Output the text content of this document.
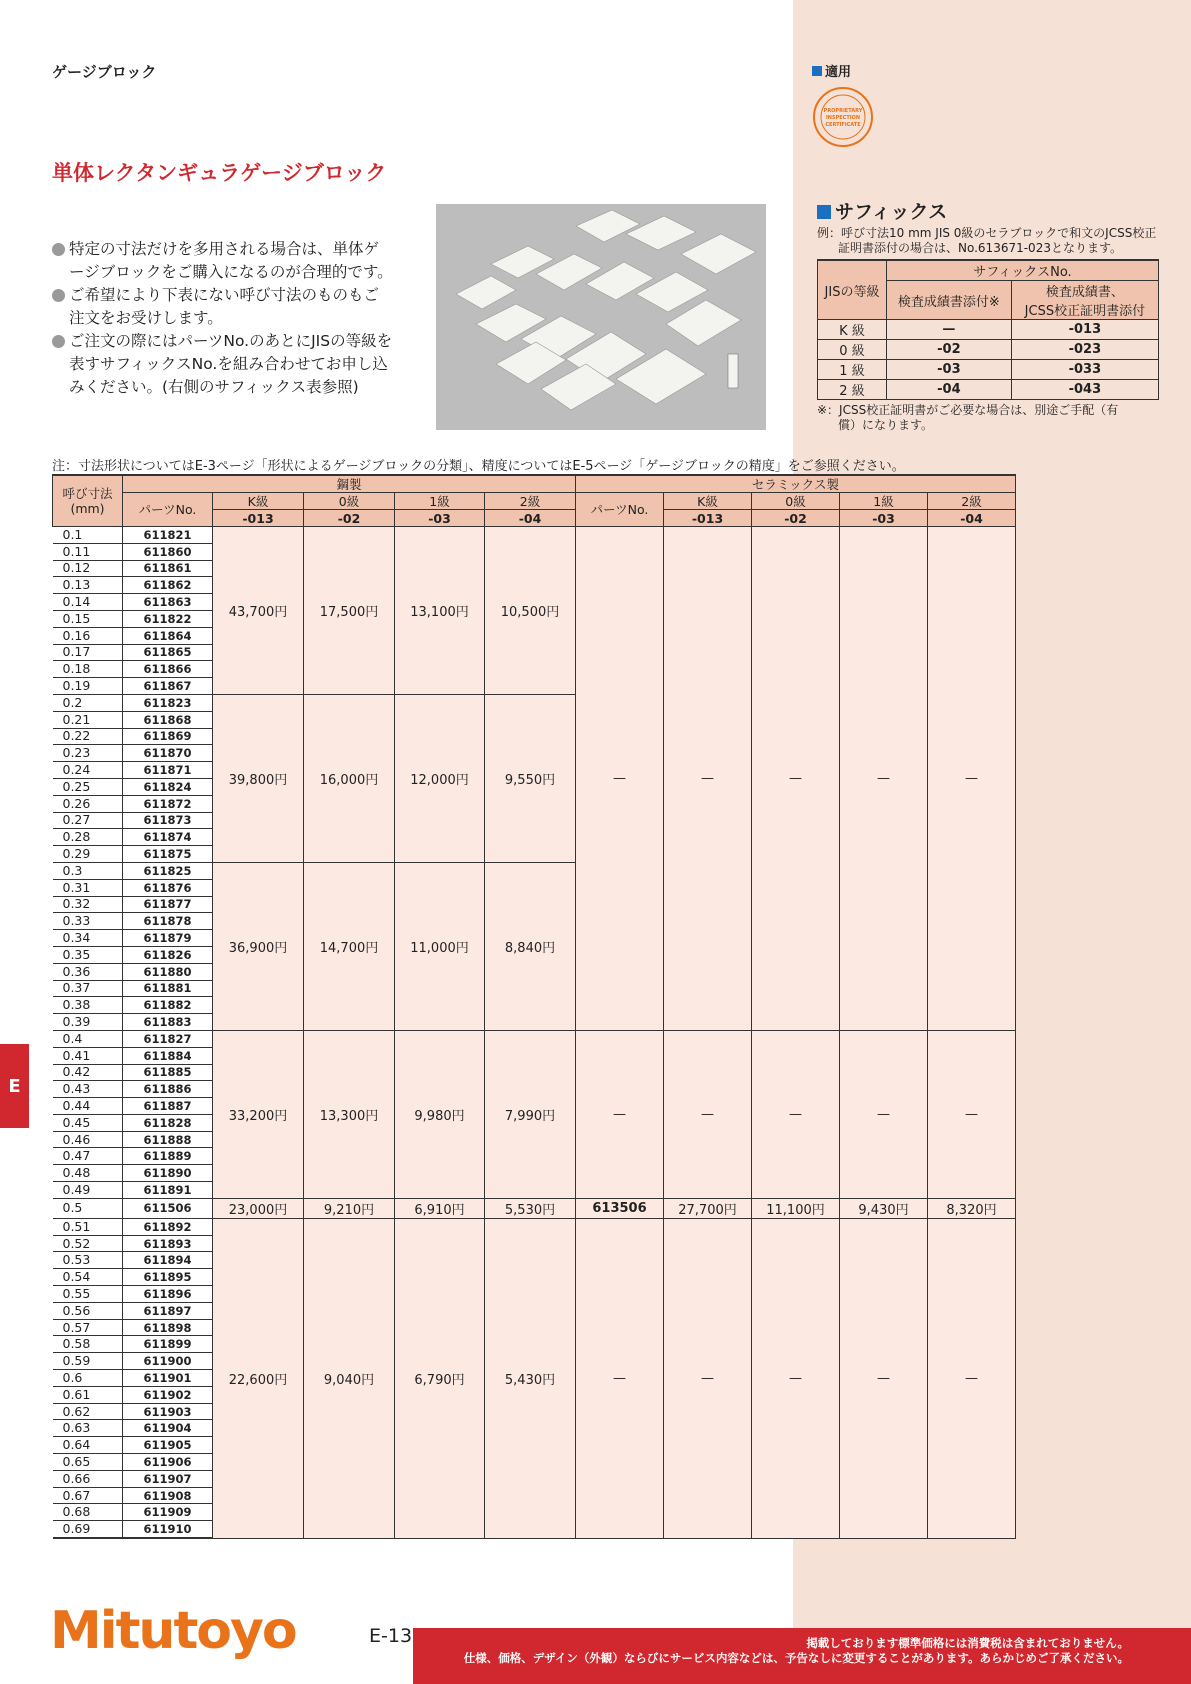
ゲージブロック	適用
PROPRIETARY
INSPECTION
CERTIFICATE
単体レクタンギュラゲージブロック
特定の寸法だけを多用される場合は、単体ゲ
ージブロックをご購入になるのが合理的です。
ご希望により下表にない呼び寸法のものもご
注文をお受けします。
ご注文の際にはパーツNo.のあとにJISの等級を
表すサフィックスNo.を組み合わせてお申し込
みください。(右側のサフィックス表参照)
サフィックス
例：呼び寸法10 mm JIS 0級のセラブロックで和文のJCSS校正
証明書添付の場合は、No.613671-023となります。
JISの等級	サフィックスNo.	
	検査成績書添付※	検査成績書、
JCSS校正証明書添付

K 級	—	-013
0 級	-02	-023
1 級	-03	-033
2 級	-04	-043
※：JCSS校正証明書がご必要な場合は、別途ご手配（有
償）になります。
注：寸法形状についてはE-3ページ「形状によるゲージブロックの分類」、精度についてはE-5ページ「ゲージブロックの精度」をご参照ください。
呼び寸法
(mm)	鋼製					セラミックス製				
	パーツNo.	K級	0級	1級	2級	パーツNo.	K級	0級	1級	2級
		-013	-02	-03	-04		-013	-02	-03	-04
0.1	611821	43,700円	17,500円	13,100円	10,500円	—	—	—	—	—
0.11	611860									
0.12	611861									
0.13	611862									
0.14	611863									
0.15	611822									
0.16	611864									
0.17	611865									
0.18	611866									
0.19	611867									
0.2	611823	39,800円	16,000円	12,000円	9,550円					
0.21	611868									
0.22	611869									
0.23	611870									
0.24	611871									
0.25	611824									
0.26	611872									
0.27	611873									
0.28	611874									
0.29	611875									
0.3	611825	36,900円	14,700円	11,000円	8,840円					
0.31	611876									
0.32	611877									
0.33	611878									
0.34	611879									
0.35	611826									
0.36	611880									
0.37	611881									
0.38	611882									
0.39	611883									
0.4	611827	33,200円	13,300円	9,980円	7,990円	—	—	—	—	—
0.41	611884									
0.42	611885									
0.43	611886									
0.44	611887									
0.45	611828									
0.46	611888									
0.47	611889									
0.48	611890									
0.49	611891									
0.5	611506	23,000円	9,210円	6,910円	5,530円	613506	27,700円	11,100円	9,430円	8,320円
0.51	611892	22,600円	9,040円	6,790円	5,430円	—	—	—	—	—
0.52	611893									
0.53	611894									
0.54	611895									
0.55	611896									
0.56	611897									
0.57	611898									
0.58	611899									
0.59	611900									
0.6	611901									
0.61	611902									
0.62	611903									
0.63	611904									
0.64	611905									
0.65	611906									
0.66	611907									
0.67	611908									
0.68	611909									
0.69	611910									
E
Mitutoyo	E-13	掲載しております標準価格には消費税は含まれておりません。
仕様、価格、デザイン（外観）ならびにサービス内容などは、予告なしに変更することがあります。あらかじめご了承ください。
